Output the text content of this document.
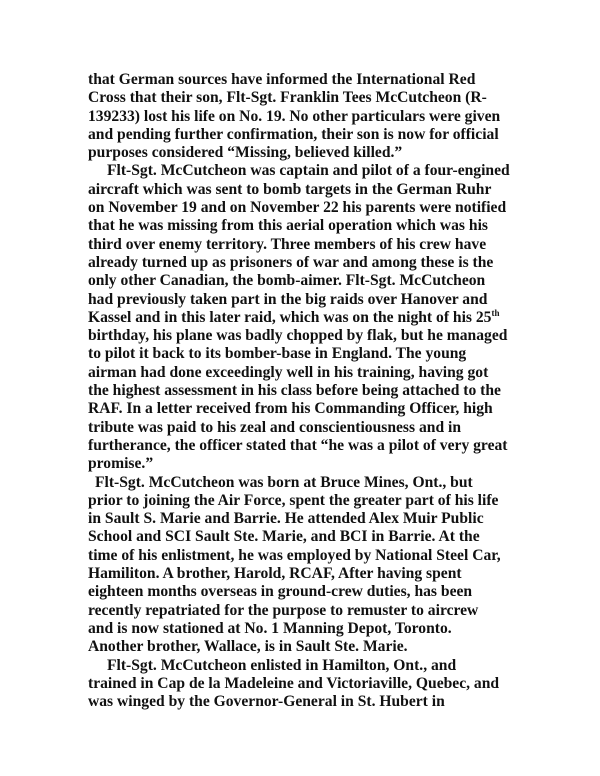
that German sources have informed the International Red
Cross that their son, Flt-Sgt. Franklin Tees McCutcheon (R-
139233) lost his life on No. 19. No other particulars were given
and pending further confirmation, their son is now for official
purposes considered “Missing, believed killed.”
Flt-Sgt. McCutcheon was captain and pilot of a four-engined
aircraft which was sent to bomb targets in the German Ruhr
on November 19 and on November 22 his parents were notified
that he was missing from this aerial operation which was his
third over enemy territory. Three members of his crew have
already turned up as prisoners of war and among these is the
only other Canadian, the bomb-aimer. Flt-Sgt. McCutcheon
had previously taken part in the big raids over Hanover and
Kassel and in this later raid, which was on the night of his 25th
birthday, his plane was badly chopped by flak, but he managed
to pilot it back to its bomber-base in England. The young
airman had done exceedingly well in his training, having got
the highest assessment in his class before being attached to the
RAF. In a letter received from his Commanding Officer, high
tribute was paid to his zeal and conscientiousness and in
furtherance, the officer stated that “he was a pilot of very great
promise.”
Flt-Sgt. McCutcheon was born at Bruce Mines, Ont., but
prior to joining the Air Force, spent the greater part of his life
in Sault S. Marie and Barrie. He attended Alex Muir Public
School and SCI Sault Ste. Marie, and BCI in Barrie. At the
time of his enlistment, he was employed by National Steel Car,
Hamiliton. A brother, Harold, RCAF, After having spent
eighteen months overseas in ground-crew duties, has been
recently repatriated for the purpose to remuster to aircrew
and is now stationed at No. 1 Manning Depot, Toronto.
Another brother, Wallace, is in Sault Ste. Marie.
Flt-Sgt. McCutcheon enlisted in Hamilton, Ont., and
trained in Cap de la Madeleine and Victoriaville, Quebec, and
was winged by the Governor-General in St. Hubert in
